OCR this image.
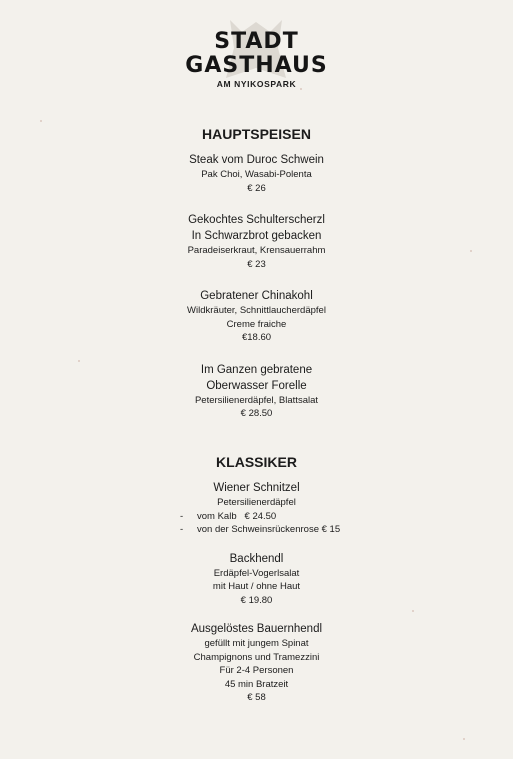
STADT
GASTHAUS
AM NYIKOSPARK
HAUPTSPEISEN
Steak vom Duroc Schwein
Pak Choi, Wasabi-Polenta
€ 26
Gekochtes Schulterscherzl
In Schwarzbrot gebacken
Paradeiserkraut, Krensauerrahm
€ 23
Gebratener Chinakohl
Wildkräuter, Schnittlaucherdäpfel
Creme fraiche
€18.60
Im Ganzen gebratene
Oberwasser Forelle
Petersilienerdäpfel, Blattsalat
€ 28.50
KLASSIKER
Wiener Schnitzel
Petersilienerdäpfel
- vom Kalb   € 24.50
- von der Schweinsrückenrose € 15
Backhendl
Erdäpfel-Vogerlsalat
mit Haut / ohne Haut
€ 19.80
Ausgelöstes Bauernhendl
gefüllt mit jungem Spinat
Champignons und Tramezzini
Für 2-4 Personen
45 min Bratzeit
€ 58
